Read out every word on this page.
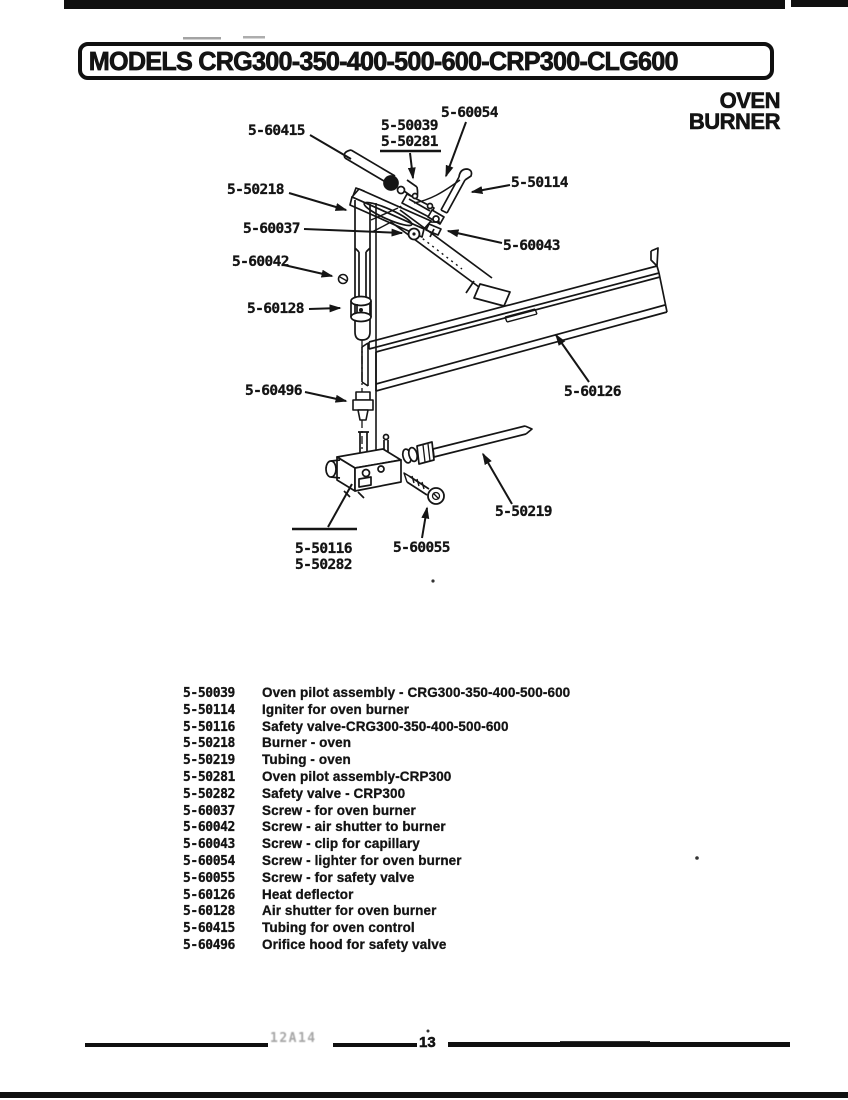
MODELS CRG300-350-400-500-600-CRP300-CLG600
OVEN
BURNER
5-60415	5-50039
5-50281
5-60054
5-50114
5-50218
5-60037
5-60042
5-60128
5-60496
5-60043
5-60126
5-50219
5-60055
5-50116
5-50282
5-50039 Oven pilot assembly - CRG300-350-400-500-600
5-50114 Igniter for oven burner
5-50116 Safety valve-CRG300-350-400-500-600
5-50218 Burner - oven
5-50219 Tubing - oven
5-50281 Oven pilot assembly-CRP300
5-50282 Safety valve - CRP300
5-60037 Screw - for oven burner
5-60042 Screw - air shutter to burner
5-60043 Screw - clip for capillary
5-60054 Screw - lighter for oven burner
5-60055 Screw - for safety valve
5-60126 Heat deflector
5-60128 Air shutter for oven burner
5-60415 Tubing for oven control
5-60496 Orifice hood for safety valve
12A14	13
